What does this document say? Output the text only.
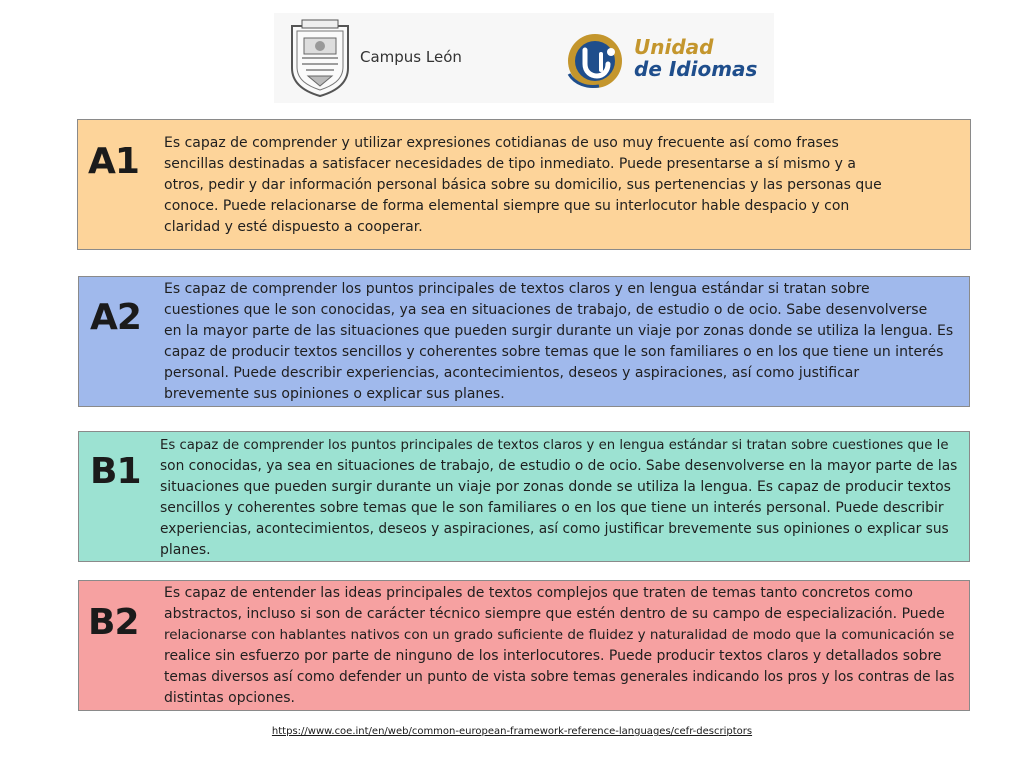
Campus León	Unidad
de Idiomas
A1 Es capaz de comprender y utilizar expresiones cotidianas de uso muy frecuente así como frases
sencillas destinadas a satisfacer necesidades de tipo inmediato. Puede presentarse a sí mismo y a
otros, pedir y dar información personal básica sobre su domicilio, sus pertenencias y las personas que
conoce. Puede relacionarse de forma elemental siempre que su interlocutor hable despacio y con
claridad y esté dispuesto a cooperar.

A2

Es capaz de comprender los puntos principales de textos claros y en lengua estándar si tratan sobre
cuestiones que le son conocidas, ya sea en situaciones de trabajo, de estudio o de ocio. Sabe desenvolverse
en la mayor parte de las situaciones que pueden surgir durante un viaje por zonas donde se utiliza la lengua. Es
capaz de producir textos sencillos y coherentes sobre temas que le son familiares o en los que tiene un interés
personal. Puede describir experiencias, acontecimientos, deseos y aspiraciones, así como justificar
brevemente sus opiniones o explicar sus planes.

B1

Es capaz de comprender los puntos principales de textos claros y en lengua estándar si tratan sobre cuestiones que le
son conocidas, ya sea en situaciones de trabajo, de estudio o de ocio. Sabe desenvolverse en la mayor parte de las
situaciones que pueden surgir durante un viaje por zonas donde se utiliza la lengua. Es capaz de producir textos
sencillos y coherentes sobre temas que le son familiares o en los que tiene un interés personal. Puede describir
experiencias, acontecimientos, deseos y aspiraciones, así como justificar brevemente sus opiniones o explicar sus
planes.

B2

Es capaz de entender las ideas principales de textos complejos que traten de temas tanto concretos como
abstractos, incluso si son de carácter técnico siempre que estén dentro de su campo de especialización. Puede
relacionarse con hablantes nativos con un grado suficiente de fluidez y naturalidad de modo que la comunicación se
realice sin esfuerzo por parte de ninguno de los interlocutores. Puede producir textos claros y detallados sobre
temas diversos así como defender un punto de vista sobre temas generales indicando los pros y los contras de las
distintas opciones.

https://www.coe.int/en/web/common-european-framework-reference-languages/cefr-descriptors
